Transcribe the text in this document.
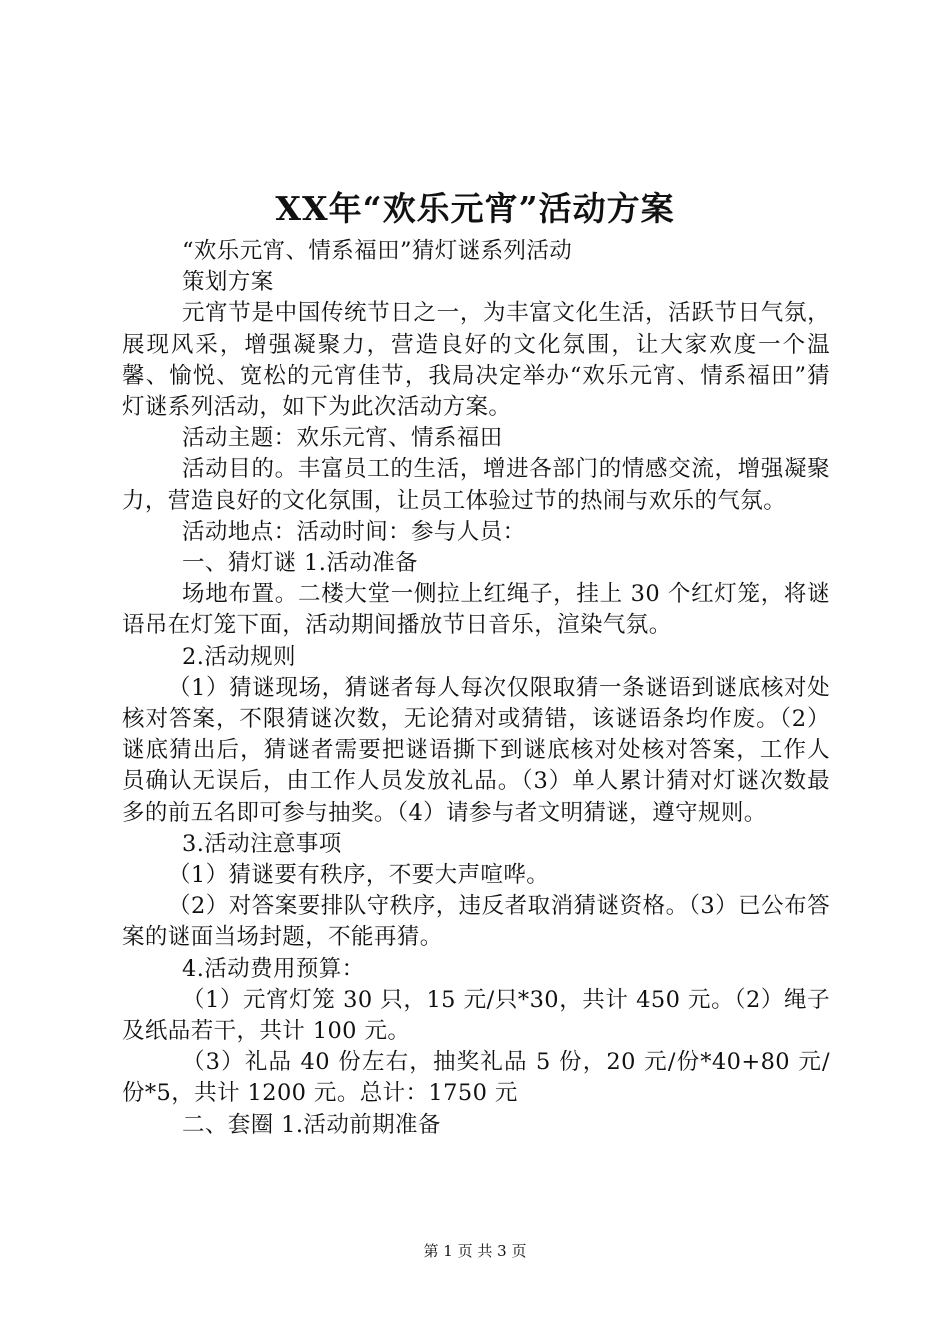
XX年“欢乐元宵”活动方案

“欢乐元宵、情系福田”猜灯谜系列活动

策划方案

元宵节是中国传统节日之一，为丰富文化生活，活跃节日气氛，展现风采，增强凝聚力，营造良好的文化氛围，让大家欢度一个温馨、愉悦、宽松的元宵佳节，我局决定举办“欢乐元宵、情系福田”猜灯谜系列活动，如下为此次活动方案。

活动主题：欢乐元宵、情系福田

活动目的。丰富员工的生活，增进各部门的情感交流，增强凝聚力，营造良好的文化氛围，让员工体验过节的热闹与欢乐的气氛。

活动地点：活动时间：参与人员：

一、猜灯谜 1.活动准备

场地布置。二楼大堂一侧拉上红绳子，挂上 30 个红灯笼，将谜语吊在灯笼下面，活动期间播放节日音乐，渲染气氛。

2.活动规则

（1）猜谜现场，猜谜者每人每次仅限取猜一条谜语到谜底核对处核对答案，不限猜谜次数，无论猜对或猜错，该谜语条均作废。（2）谜底猜出后，猜谜者需要把谜语撕下到谜底核对处核对答案，工作人员确认无误后，由工作人员发放礼品。（3）单人累计猜对灯谜次数最多的前五名即可参与抽奖。（4）请参与者文明猜谜，遵守规则。

3.活动注意事项

（1）猜谜要有秩序，不要大声喧哗。

（2）对答案要排队守秩序，违反者取消猜谜资格。（3）已公布答案的谜面当场封题，不能再猜。

4.活动费用预算：

（1）元宵灯笼 30 只，15 元/只*30，共计 450 元。（2）绳子及纸品若干，共计 100 元。

（3）礼品 40 份左右，抽奖礼品 5 份，20 元/份*40+80 元/份*5，共计 1200 元。总计：1750 元

二、套圈 1.活动前期准备

第 1 页 共 3 页
